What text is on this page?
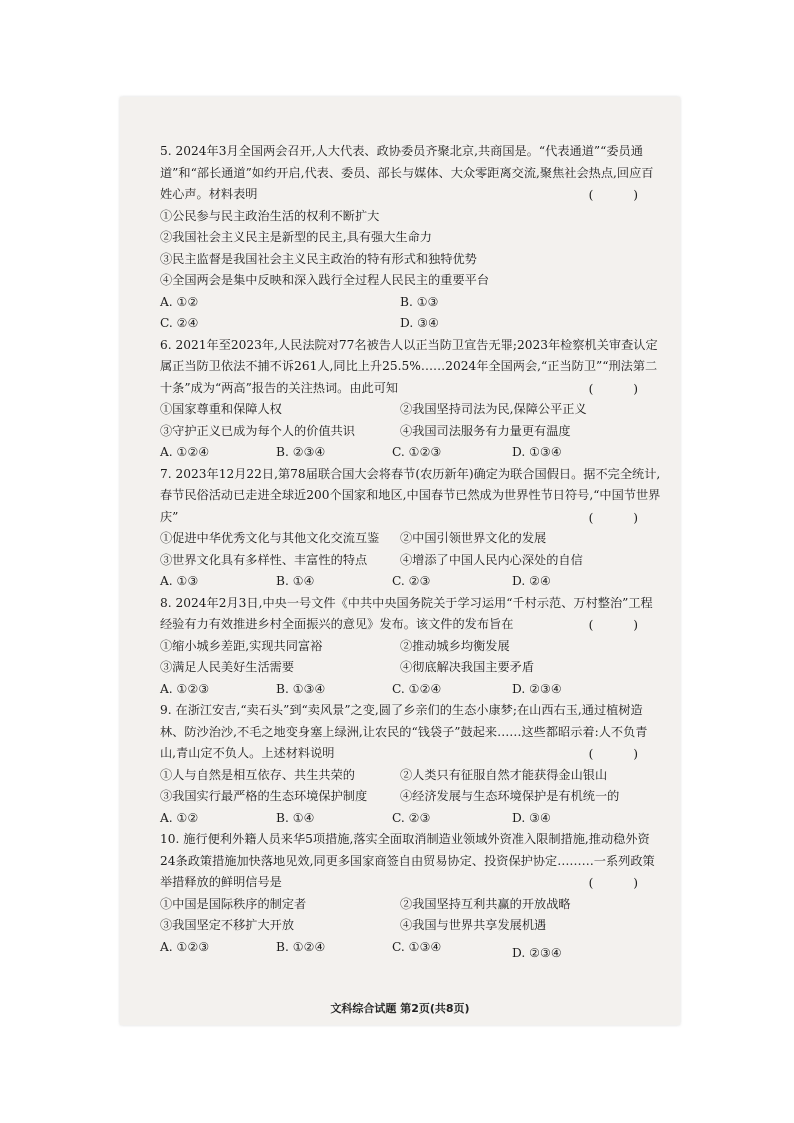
5. 2024年3月全国两会召开,人大代表、政协委员齐聚北京,共商国是。“代表通道”“委员通道”和“部长通道”如约开启,代表、委员、部长与媒体、大众零距离交流,聚焦社会热点,回应百姓心声。材料表明	( )
①公民参与民主政治生活的权利不断扩大
②我国社会主义民主是新型的民主,具有强大生命力
③民主监督是我国社会主义民主政治的特有形式和独特优势
④全国两会是集中反映和深入践行全过程人民民主的重要平台
A. ①②	B. ①③
C. ②④	D. ③④
6. 2021年至2023年,人民法院对77名被告人以正当防卫宣告无罪;2023年检察机关审查认定属正当防卫依法不捕不诉261人,同比上升25.5%……2024年全国两会,“正当防卫”“刑法第二十条”成为“两高”报告的关注热词。由此可知	( )
①国家尊重和保障人权	②我国坚持司法为民,保障公平正义
③守护正义已成为每个人的价值共识	④我国司法服务有力量更有温度
A. ①②④	B. ②③④	C. ①②③	D. ①③④
7. 2023年12月22日,第78届联合国大会将春节(农历新年)确定为联合国假日。据不完全统计,春节民俗活动已走进全球近200个国家和地区,中国春节已然成为世界性节日符号,“中国节世界庆”	( )
①促进中华优秀文化与其他文化交流互鉴	②中国引领世界文化的发展
③世界文化具有多样性、丰富性的特点	④增添了中国人民内心深处的自信
A. ①③	B. ①④	C. ②③	D. ②④
8. 2024年2月3日,中央一号文件《中共中央国务院关于学习运用“千村示范、万村整治”工程经验有力有效推进乡村全面振兴的意见》发布。该文件的发布旨在	( )
①缩小城乡差距,实现共同富裕	②推动城乡均衡发展
③满足人民美好生活需要	④彻底解决我国主要矛盾
A. ①②③	B. ①③④	C. ①②④	D. ②③④
9. 在浙江安吉,“卖石头”到“卖风景”之变,圆了乡亲们的生态小康梦;在山西右玉,通过植树造林、防沙治沙,不毛之地变身塞上绿洲,让农民的“钱袋子”鼓起来……这些都昭示着:人不负青山,青山定不负人。上述材料说明	( )
①人与自然是相互依存、共生共荣的	②人类只有征服自然才能获得金山银山
③我国实行最严格的生态环境保护制度	④经济发展与生态环境保护是有机统一的
A. ①②	B. ①④	C. ②③	D. ③④
10. 施行便利外籍人员来华5项措施,落实全面取消制造业领域外资准入限制措施,推动稳外资24条政策措施加快落地见效,同更多国家商签自由贸易协定、投资保护协定………一系列政策举措释放的鲜明信号是	( )
①中国是国际秩序的制定者	②我国坚持互利共赢的开放战略
③我国坚定不移扩大开放	④我国与世界共享发展机遇
A. ①②③	B. ①②④	C. ①③④	D. ②③④
文科综合试题 第2页(共8页)
